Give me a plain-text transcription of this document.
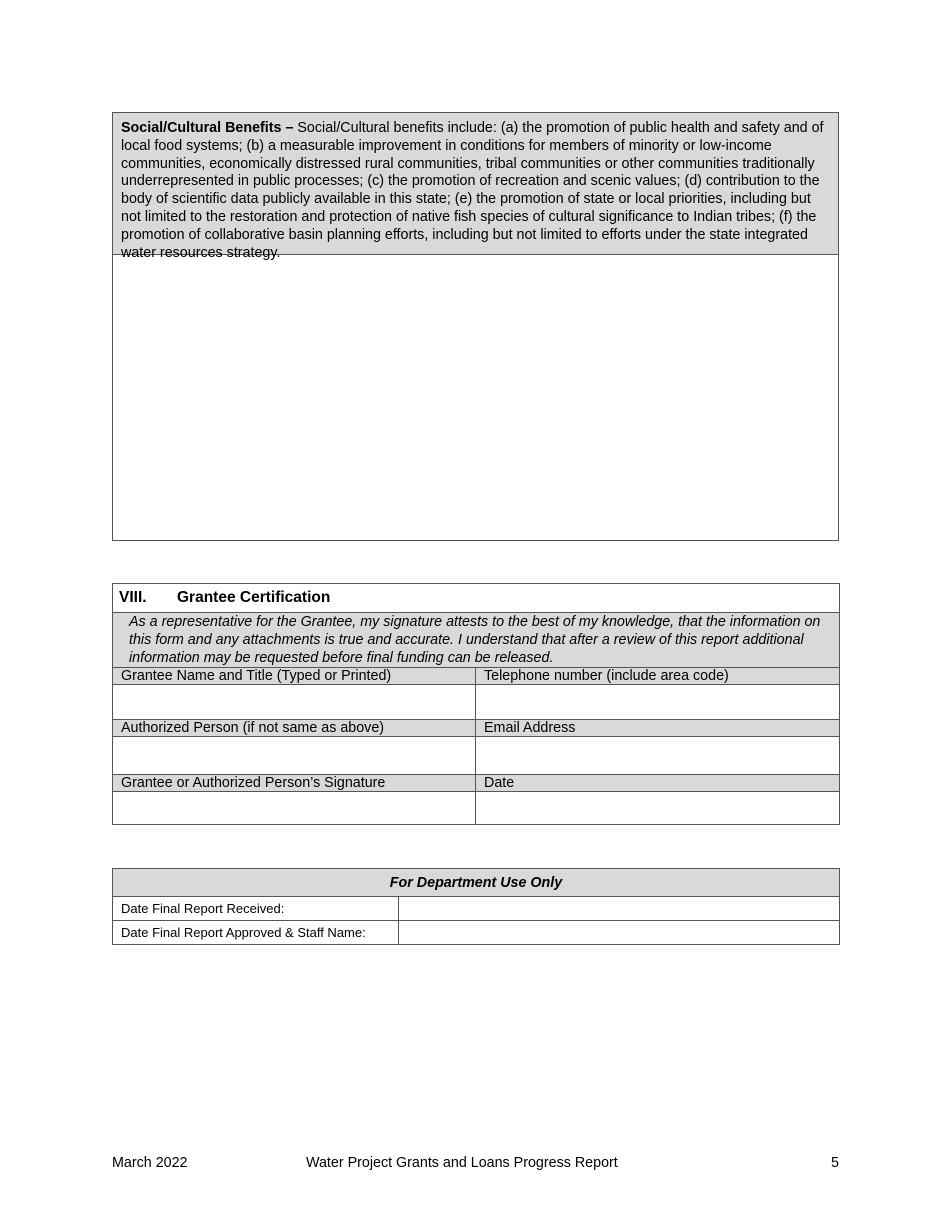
Social/Cultural Benefits – Social/Cultural benefits include: (a) the promotion of public health and safety and of local food systems; (b) a measurable improvement in conditions for members of minority or low-income communities, economically distressed rural communities, tribal communities or other communities traditionally underrepresented in public processes; (c) the promotion of recreation and scenic values; (d) contribution to the body of scientific data publicly available in this state; (e) the promotion of state or local priorities, including but not limited to the restoration and protection of native fish species of cultural significance to Indian tribes; (f) the promotion of collaborative basin planning efforts, including but not limited to efforts under the state integrated water resources strategy.
VIII. Grantee Certification	
As a representative for the Grantee, my signature attests to the best of my knowledge, that the information on this form and any attachments is true and accurate. I understand that after a review of this report additional information may be requested before final funding can be released.	
Grantee Name and Title (Typed or Printed)	Telephone number (include area code)

Authorized Person (if not same as above)	Email Address

Grantee or Authorized Person’s Signature	Date

For Department Use Only	
Date Final Report Received:	
Date Final Report Approved & Staff Name:	
March 2022	Water Project Grants and Loans Progress Report	5
